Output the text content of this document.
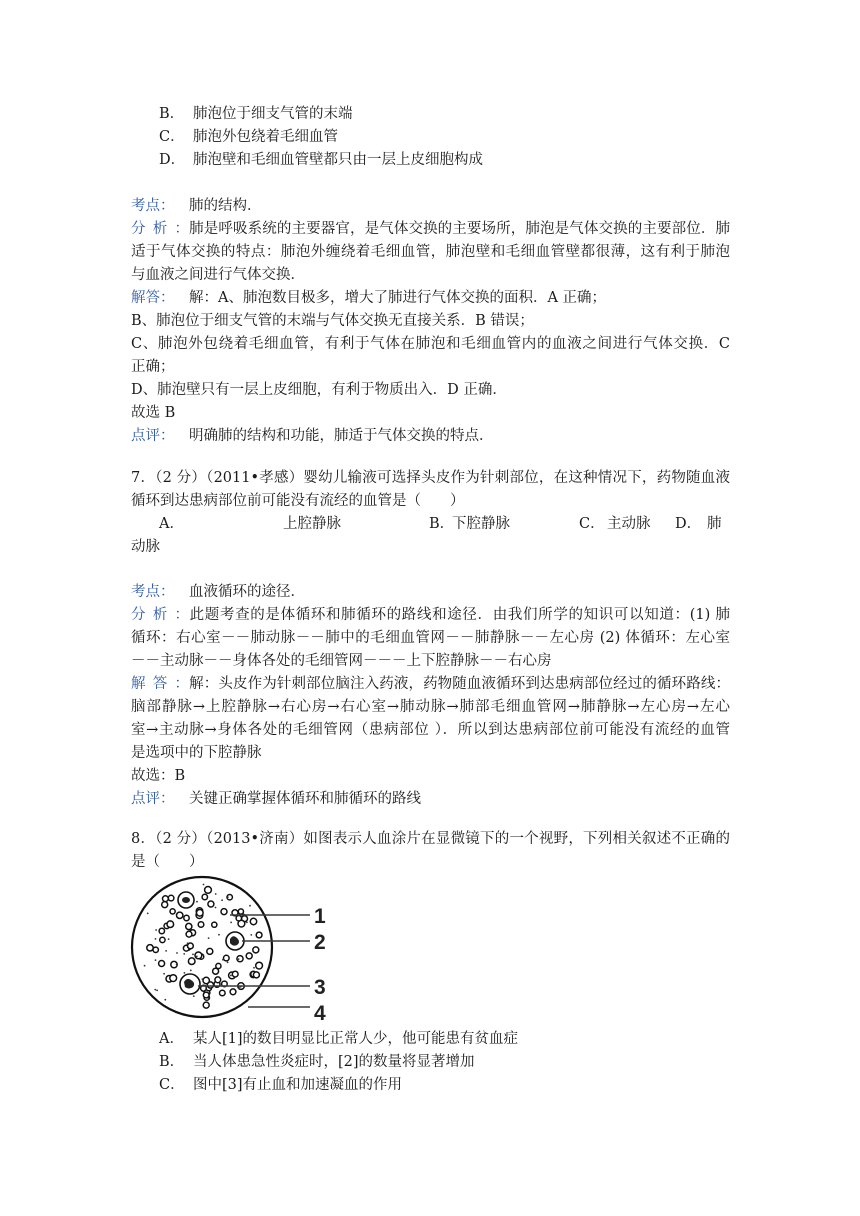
B． 肺泡位于细支气管的末端
C． 肺泡外包绕着毛细血管
D． 肺泡壁和毛细血管壁都只由一层上皮细胞构成
考点： 肺的结构．
分析：肺是呼吸系统的主要器官，是气体交换的主要场所，肺泡是气体交换的主要部位．肺
适于气体交换的特点：肺泡外缠绕着毛细血管，肺泡壁和毛细血管壁都很薄，这有利于肺泡
与血液之间进行气体交换．
解答： 解：A、肺泡数目极多，增大了肺进行气体交换的面积．A 正确；
B、肺泡位于细支气管的末端与气体交换无直接关系．B 错误；
C、肺泡外包绕着毛细血管，有利于气体在肺泡和毛细血管内的血液之间进行气体交换．C
正确；
D、肺泡壁只有一层上皮细胞，有利于物质出入．D 正确．
故选 B
点评： 明确肺的结构和功能，肺适于气体交换的特点．
7．（2 分）（2011•孝感）婴幼儿输液可选择头皮作为针刺部位，在这种情况下，药物随血液
循环到达患病部位前可能没有流经的血管是（　　）
A．	上腔静脉	B．
下腔静脉	C． 主动脉 D． 肺
动脉
考点： 血液循环的途径．
分析：此题考查的是体循环和肺循环的路线和途径．由我们所学的知识可以知道：(1) 肺
循环：右心室－－肺动脉－－肺中的毛细血管网－－肺静脉－－左心房 (2) 体循环：左心室
－－主动脉－－身体各处的毛细管网－－－上下腔静脉－－右心房
解答：解：头皮作为针刺部位脑注入药液，药物随血液循环到达患病部位经过的循环路线：
脑部静脉→上腔静脉→右心房→右心室→肺动脉→肺部毛细血管网→肺静脉→左心房→左心
室→主动脉→身体各处的毛细管网（患病部位 ）．所以到达患病部位前可能没有流经的血管
是选项中的下腔静脉
故选：B
点评： 关键正确掌握体循环和肺循环的路线
8．（2 分）（2013•济南）如图表示人血涂片在显微镜下的一个视野，下列相关叙述不正确的
是（　　）
1
2
3
4
A． 某人[1]的数目明显比正常人少，他可能患有贫血症
B． 当人体患急性炎症时，[2]的数量将显著增加
C． 图中[3]有止血和加速凝血的作用
